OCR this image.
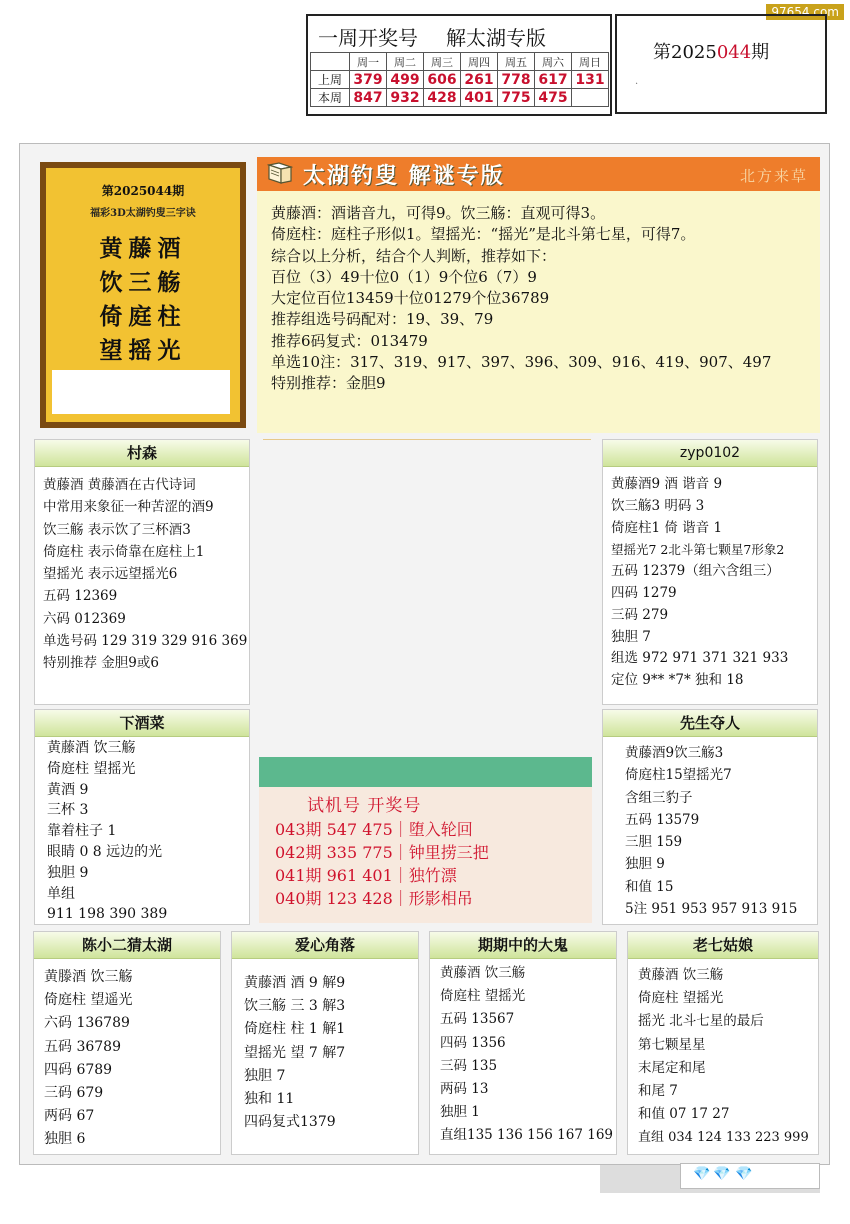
97654.com
一周开奖号 解太湖专版
	周一	周二	周三	周四	周五	周六	周日
上周	379	499	606	261	778	617	131
本周	847	932	428	401	775	475	
第2025044期
.
第2025044期
福彩3D太湖钓叟三字诀
黄藤酒
饮三觞
倚庭柱
望摇光
太湖钓叟 解谜专版	北方来草
黄藤酒：酒谐音九，可得9。饮三觞：直观可得3。
倚庭柱：庭柱子形似1。望摇光：“摇光”是北斗第七星，可得7。
综合以上分析，结合个人判断，推荐如下：
百位（3）49十位0（1）9个位6（7）9
大定位百位13459十位01279个位36789
推荐组选号码配对：19、39、79
推荐6码复式：013479
单选10注：317、319、917、397、396、309、916、419、907、497
特别推荐：金胆9
村森
黄藤酒 黄藤酒在古代诗词
中常用来象征一种苦涩的酒9
饮三觞 表示饮了三杯酒3
倚庭柱 表示倚靠在庭柱上1
望摇光 表示远望摇光6
五码 12369
六码 012369
单选号码 129 319 329 916 369
特别推荐 金胆9或6
zyp0102
黄藤酒9 酒 谐音 9
饮三觞3 明码 3
倚庭柱1 倚 谐音 1
望摇光7 2北斗第七颗星7形象2
五码 12379（组六含组三）
四码 1279
三码 279
独胆 7
组选 972 971 371 321 933
定位 9** *7* 独和 18
下酒菜
黄藤酒 饮三觞
倚庭柱 望摇光
黄酒 9
三杯 3
靠着柱子 1
眼睛 0 8 远边的光
独胆 9
单组
911 198 390 389
先生夺人
黄藤酒9饮三觞3
倚庭柱15望摇光7
含组三豹子
五码 13579
三胆 159
独胆 9
和值 15
5注 951 953 957 913 915
试机号 开奖号
043期 547 475｜堕入轮回
042期 335 775｜钟里捞三把
041期 961 401｜独竹漂
040期 123 428｜形影相吊
陈小二猜太湖
黄滕酒 饮三觞
倚庭柱 望遥光
六码 136789
五码 36789
四码 6789
三码 679
两码 67
独胆 6
爱心角落
黄藤酒 酒 9 解9
饮三觞 三 3 解3
倚庭柱 柱 1 解1
望摇光 望 7 解7
独胆 7
独和 11
四码复式1379
期期中的大鬼
黄藤酒 饮三觞
倚庭柱 望摇光
五码 13567
四码 1356
三码 135
两码 13
独胆 1
直组135 136 156 167 169
老七姑娘
黄藤酒 饮三觞
倚庭柱 望摇光
摇光 北斗七星的最后
第七颗星星
末尾定和尾
和尾 7
和值 07 17 27
直组 034 124 133 223 999
💎 💎 💎
